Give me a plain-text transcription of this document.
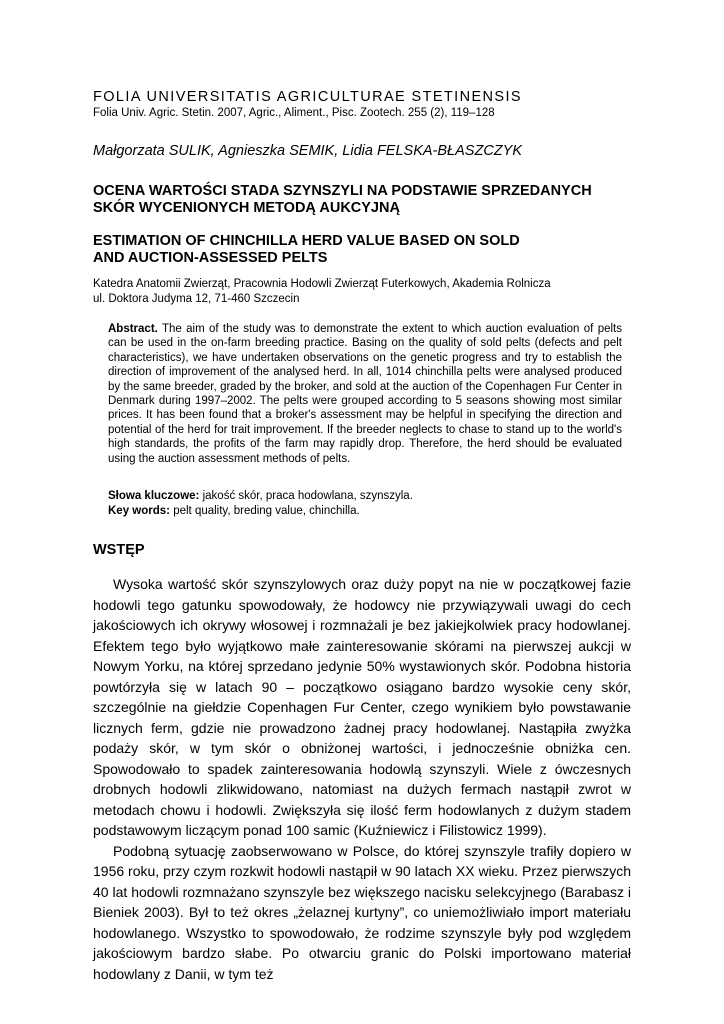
FOLIA UNIVERSITATIS AGRICULTURAE STETINENSIS
Folia Univ. Agric. Stetin. 2007, Agric., Aliment., Pisc. Zootech. 255 (2), 119–128
Małgorzata SULIK, Agnieszka SEMIK, Lidia FELSKA-BŁASZCZYK
OCENA WARTOŚCI STADA SZYNSZYLI NA PODSTAWIE SPRZEDANYCH
SKÓR WYCENIONYCH METODĄ AUKCYJNĄ
ESTIMATION OF CHINCHILLA HERD VALUE BASED ON SOLD
AND AUCTION-ASSESSED PELTS
Katedra Anatomii Zwierząt, Pracownia Hodowli Zwierząt Futerkowych, Akademia Rolnicza
ul. Doktora Judyma 12, 71-460 Szczecin

Abstract. The aim of the study was to demonstrate the extent to which auction evaluation of pelts can be used in the on-farm breeding practice. Basing on the quality of sold pelts (defects and pelt characteristics), we have undertaken observations on the genetic progress and try to establish the direction of improvement of the analysed herd. In all, 1014 chinchilla pelts were analysed produced by the same breeder, graded by the broker, and sold at the auction of the Copenhagen Fur Center in Denmark during 1997–2002. The pelts were grouped according to 5 seasons showing most similar prices. It has been found that a broker's assessment may be helpful in specifying the direction and potential of the herd for trait improvement. If the breeder neglects to chase to stand up to the world's high standards, the profits of the farm may rapidly drop. Therefore, the herd should be evaluated using the auction assessment methods of pelts.

Słowa kluczowe: jakość skór, praca hodowlana, szynszyla.
Key words: pelt quality, breding value, chinchilla.
WSTĘP

Wysoka wartość skór szynszylowych oraz duży popyt na nie w początkowej fazie hodowli tego gatunku spowodowały, że hodowcy nie przywiązywali uwagi do cech jakościowych ich okrywy włosowej i rozmnażali je bez jakiejkolwiek pracy hodowlanej. Efektem tego było wyjątkowo małe zainteresowanie skórami na pierwszej aukcji w Nowym Yorku, na której sprzedano jedynie 50% wystawionych skór. Podobna historia powtórzyła się w latach 90 – początkowo osiągano bardzo wysokie ceny skór, szczególnie na giełdzie Copenhagen Fur Center, czego wynikiem było powstawanie licznych ferm, gdzie nie prowadzono żadnej pracy hodowlanej. Nastąpiła zwyżka podaży skór, w tym skór o obniżonej wartości, i jednocześnie obniżka cen. Spowodowało to spadek zainteresowania hodowlą szynszyli. Wiele z ówczesnych drobnych hodowli zlikwidowano, natomiast na dużych fermach nastąpił zwrot w metodach chowu i hodowli. Zwiększyła się ilość ferm hodowlanych z dużym stadem podstawowym liczącym ponad 100 samic (Kuźniewicz i Filistowicz 1999).

Podobną sytuację zaobserwowano w Polsce, do której szynszyle trafiły dopiero w 1956 roku, przy czym rozkwit hodowli nastąpił w 90 latach XX wieku. Przez pierwszych 40 lat hodowli rozmnażano szynszyle bez większego nacisku selekcyjnego (Barabasz i Bieniek 2003). Był to też okres „żelaznej kurtyny”, co uniemożliwiało import materiału hodowlanego. Wszystko to spowodowało, że rodzime szynszyle były pod względem jakościowym bardzo słabe. Po otwarciu granic do Polski importowano materiał hodowlany z Danii, w tym też
